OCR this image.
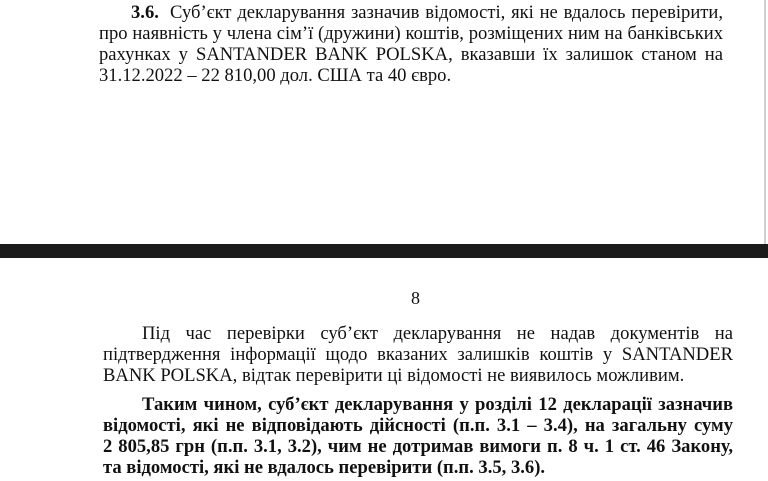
3.6. Суб’єкт декларування зазначив відомості, які не вдалось перевірити,
про наявність у члена сім’ї (дружини) коштів, розміщених ним на банківських
рахунках у SANTANDER BANK POLSKA, вказавши їх залишок станом на
31.12.2022 – 22 810,00 дол. США та 40 євро.
8
Під час перевірки суб’єкт декларування не надав документів на
підтвердження інформації щодо вказаних залишків коштів у SANTANDER
BANK POLSKA, відтак перевірити ці відомості не виявилось можливим.
Таким чином, суб’єкт декларування у розділі 12 декларації зазначив
відомості, які не відповідають дійсності (п.п. 3.1 – 3.4), на загальну суму
2 805,85 грн (п.п. 3.1, 3.2), чим не дотримав вимоги п. 8 ч. 1 ст. 46 Закону,
та відомості, які не вдалось перевірити (п.п. 3.5, 3.6).
